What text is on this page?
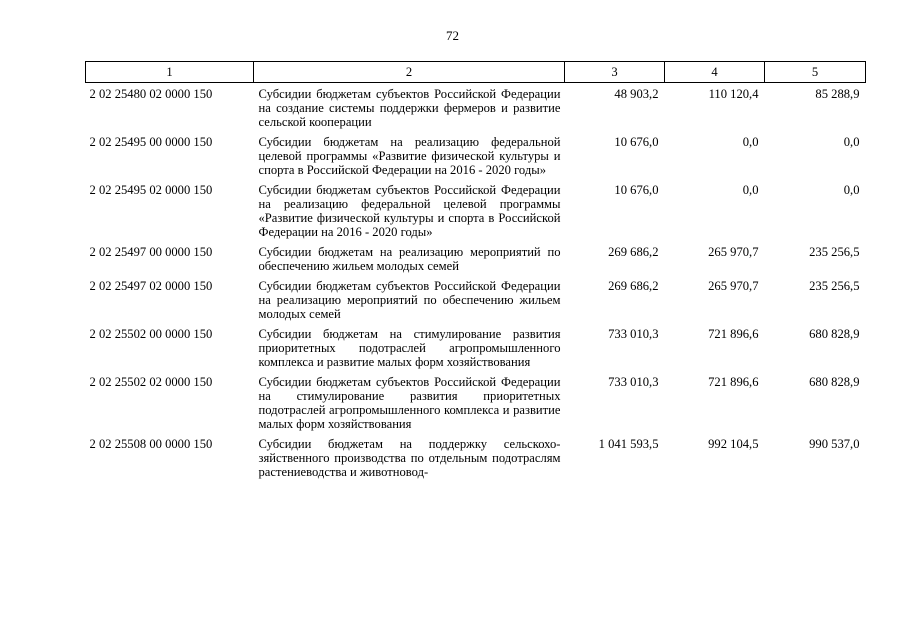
72
1	2	3	4	5

2 02 25480 02 0000 150	Субсидии бюджетам субъектов Российской Федерации на создание системы поддержки фермеров и развитие сельской кооперации	48 903,2	110 120,4	85 288,9
2 02 25495 00 0000 150	Субсидии бюджетам на реализацию федеральной целевой программы «Развитие физической культуры и спорта в Российской Федерации на 2016 - 2020 годы»	10 676,0	0,0	0,0
2 02 25495 02 0000 150	Субсидии бюджетам субъектов Российской Федерации на реализацию федеральной целевой программы «Развитие физической культуры и спорта в Российской Федерации на 2016 - 2020 годы»	10 676,0	0,0	0,0
2 02 25497 00 0000 150	Субсидии бюджетам на реализацию мероприятий по обеспечению жильем молодых семей	269 686,2	265 970,7	235 256,5
2 02 25497 02 0000 150	Субсидии бюджетам субъектов Российской Федерации на реализацию мероприятий по обеспечению жильем молодых семей	269 686,2	265 970,7	235 256,5
2 02 25502 00 0000 150	Субсидии бюджетам на стимулирование развития приоритетных подотраслей агропромышленного комплекса и развитие малых форм хозяйствования	733 010,3	721 896,6	680 828,9
2 02 25502 02 0000 150	Субсидии бюджетам субъектов Российской Федерации на стимулирование развития приоритетных подотраслей агропромышленного комплекса и развитие малых форм хозяйствования	733 010,3	721 896,6	680 828,9
2 02 25508 00 0000 150	Субсидии бюджетам на поддержку сельскохозяйственного производства по отдельным подотраслям растениеводства и животновод-	1 041 593,5	992 104,5	990 537,0
